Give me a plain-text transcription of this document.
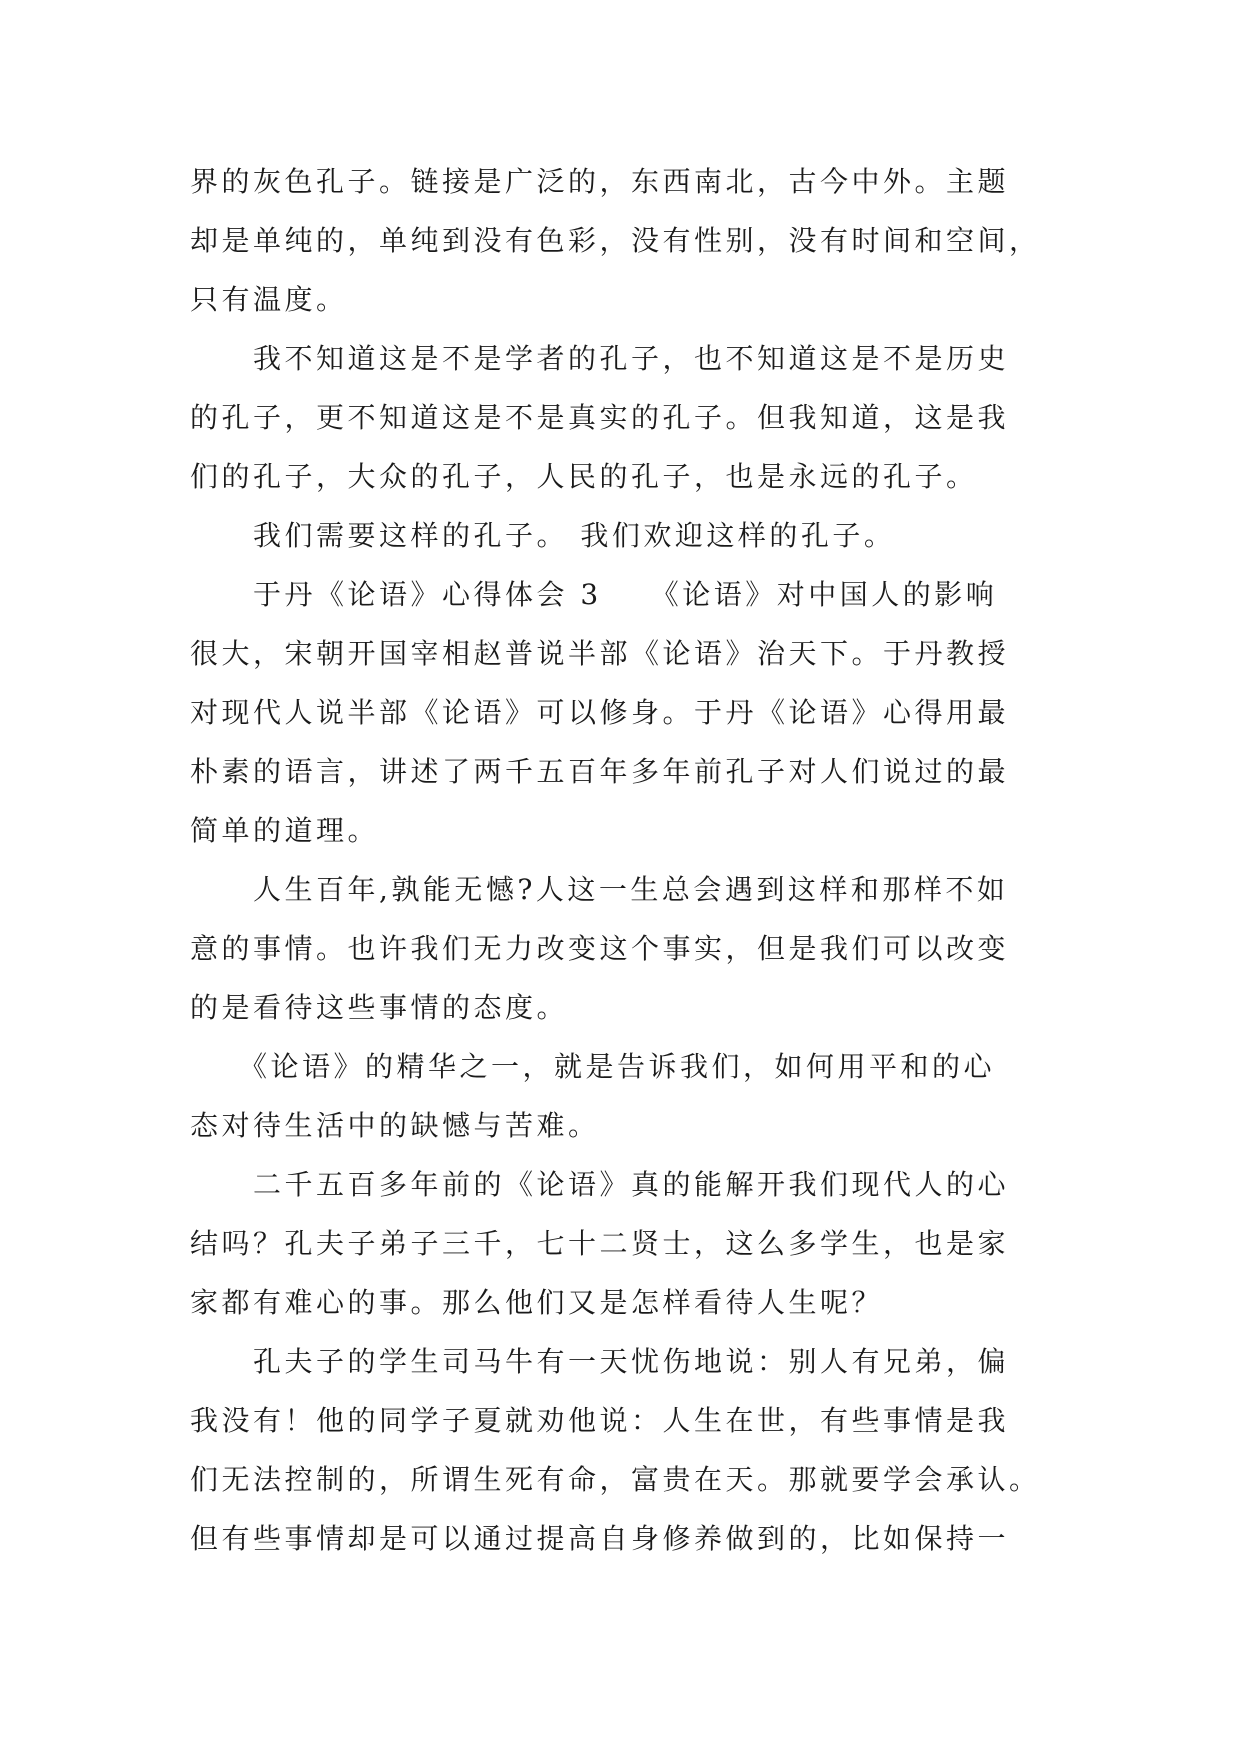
界的灰色孔子。链接是广泛的，东西南北，古今中外。主题
却是单纯的，单纯到没有色彩，没有性别，没有时间和空间，
只有温度。
　　我不知道这是不是学者的孔子，也不知道这是不是历史
的孔子，更不知道这是不是真实的孔子。但我知道，这是我
们的孔子，大众的孔子，人民的孔子，也是永远的孔子。
　　我们需要这样的孔子。 我们欢迎这样的孔子。
　　于丹《论语》心得体会 3　　《论语》对中国人的影响
很大，宋朝开国宰相赵普说半部《论语》治天下。于丹教授
对现代人说半部《论语》可以修身。于丹《论语》心得用最
朴素的语言，讲述了两千五百年多年前孔子对人们说过的最
简单的道理。
　　人生百年,孰能无憾?人这一生总会遇到这样和那样不如
意的事情。也许我们无力改变这个事实，但是我们可以改变
的是看待这些事情的态度。
　　《论语》的精华之一，就是告诉我们，如何用平和的心
态对待生活中的缺憾与苦难。
　　二千五百多年前的《论语》真的能解开我们现代人的心
结吗？孔夫子弟子三千，七十二贤士，这么多学生，也是家
家都有难心的事。那么他们又是怎样看待人生呢？
　　孔夫子的学生司马牛有一天忧伤地说：别人有兄弟，偏
我没有！他的同学子夏就劝他说：人生在世，有些事情是我
们无法控制的，所谓生死有命，富贵在天。那就要学会承认。
但有些事情却是可以通过提高自身修养做到的，比如保持一
